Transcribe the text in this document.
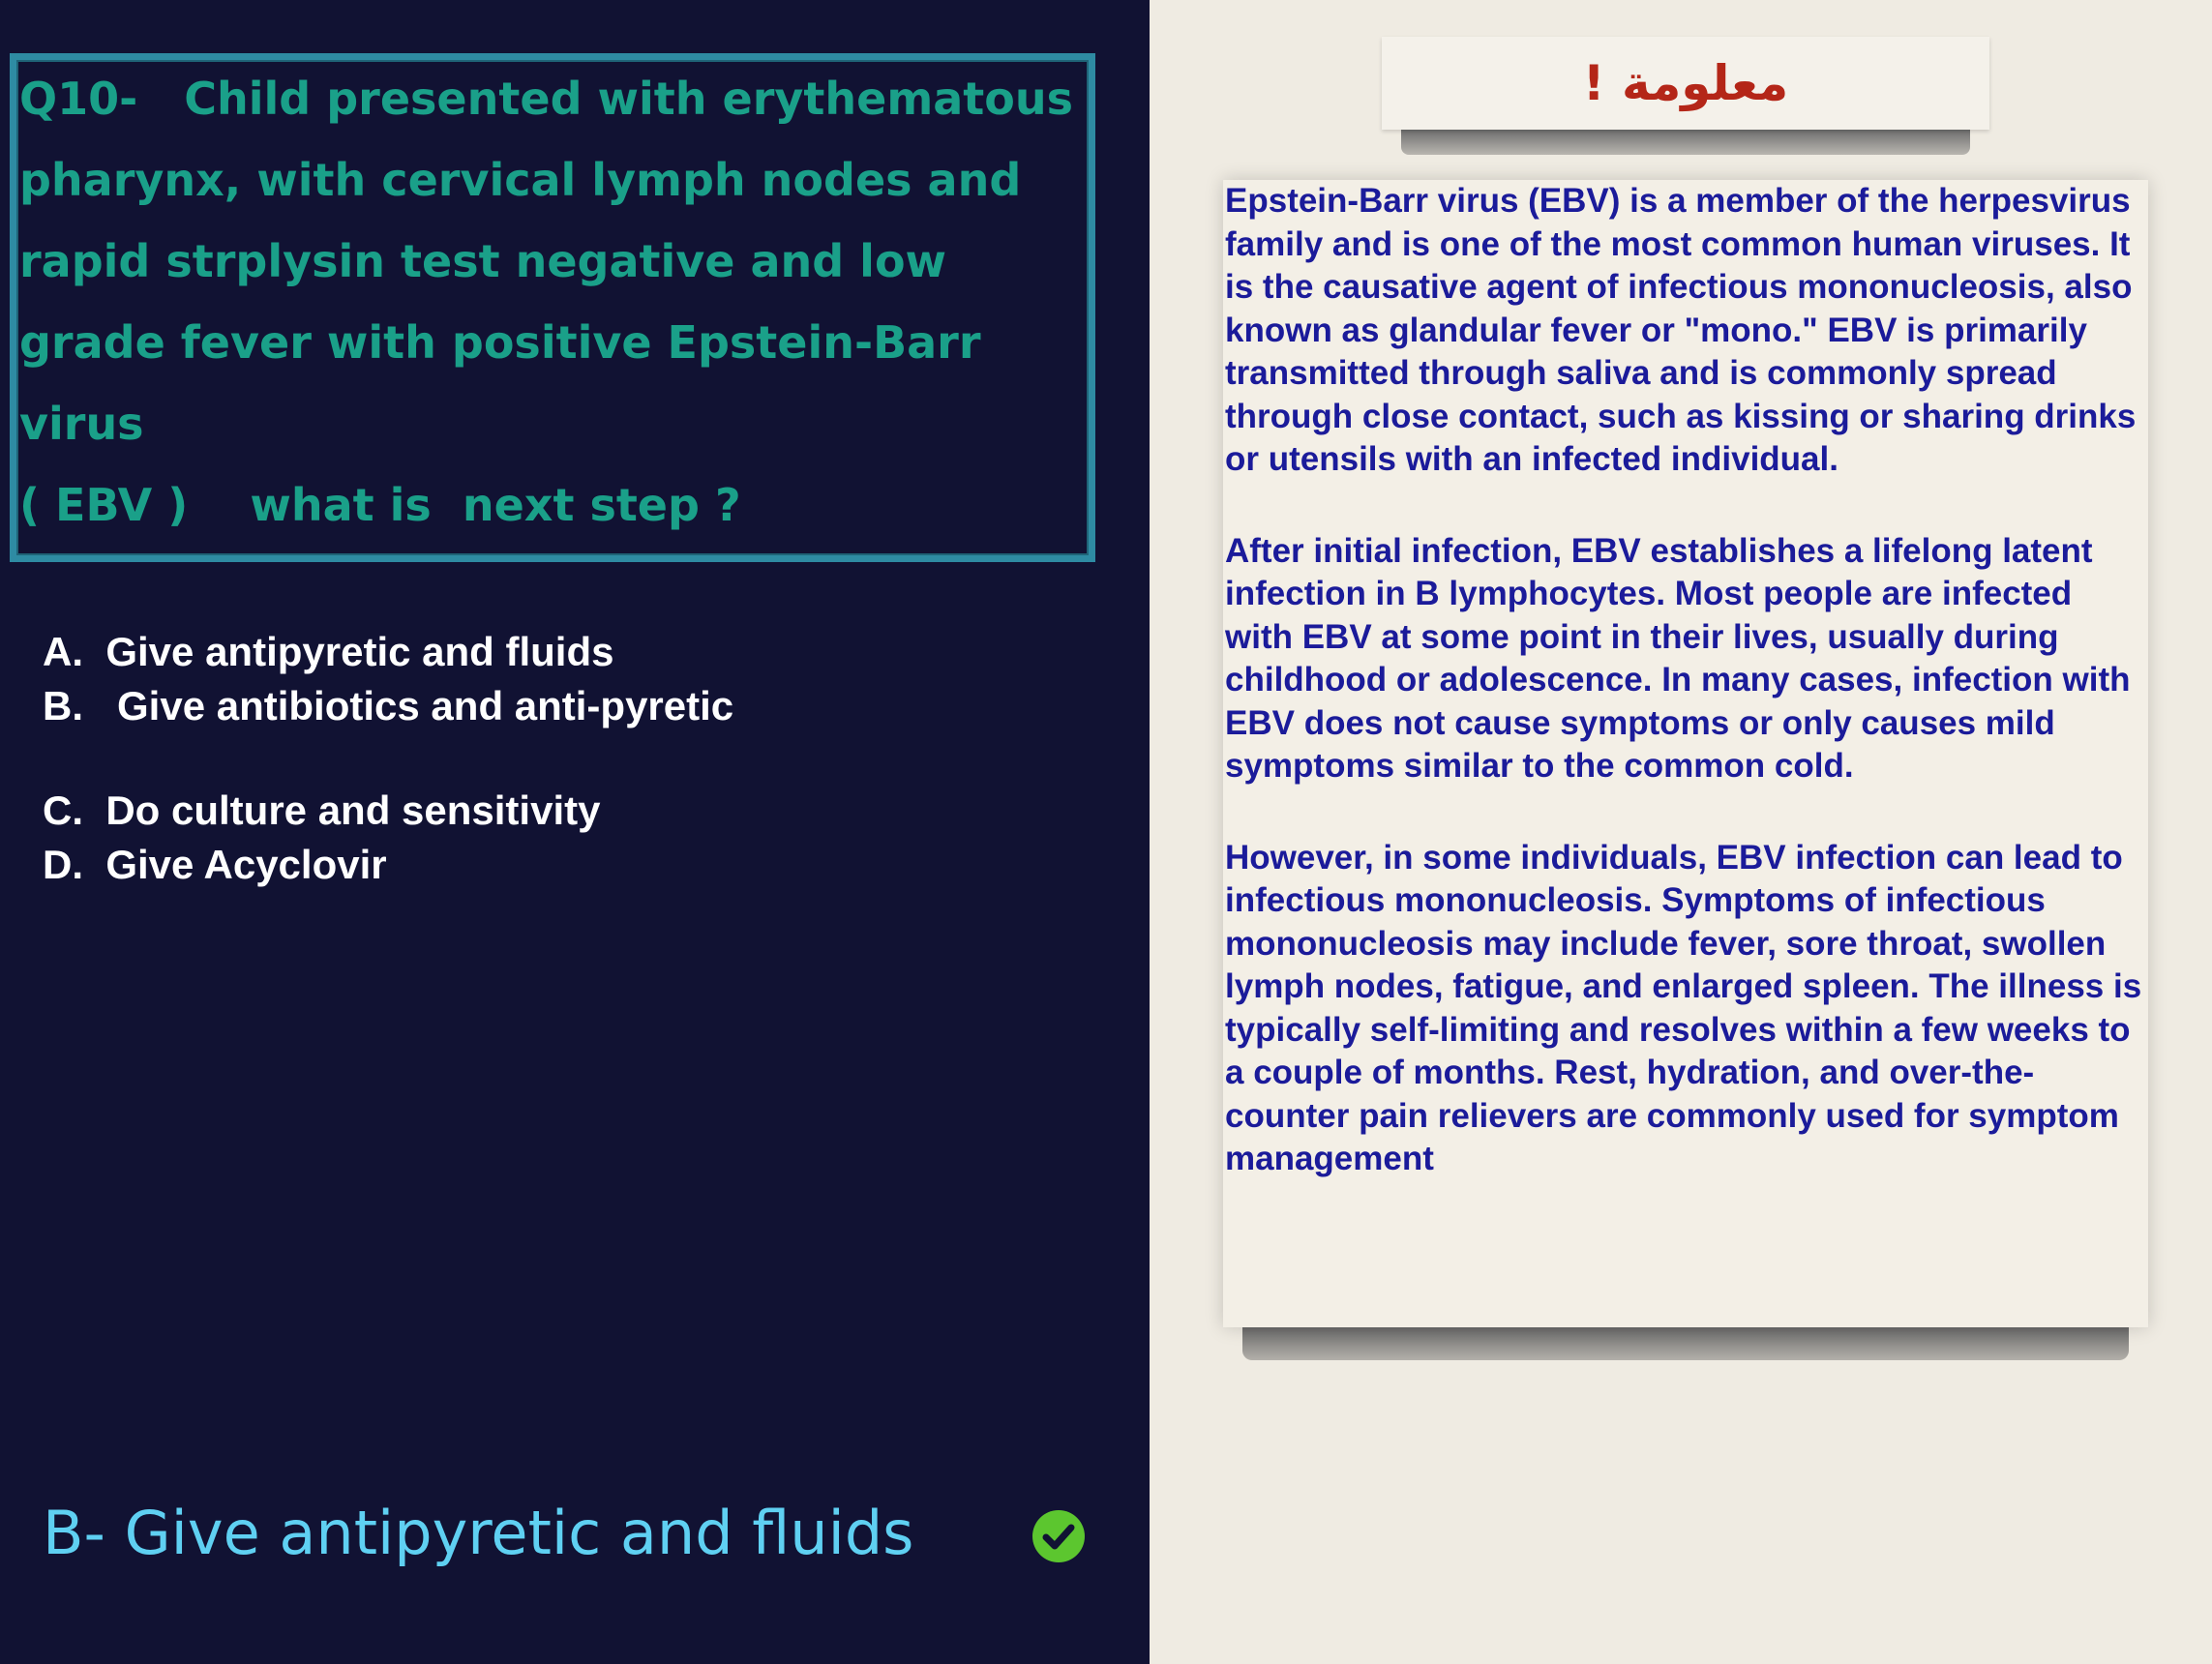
Q10-   Child presented with erythematous pharynx, with cervical lymph nodes and rapid strplysin test negative and low grade fever with positive Epstein-Barr virus
( EBV )    what is  next step ?

A. Give antipyretic and fluids
B.   Give antibiotics and anti-pyretic
C. Do culture and sensitivity
D. Give Acyclovir
B- Give antipyretic and fluids
معلومة !

Epstein-Barr virus (EBV) is a member of the herpesvirus family and is one of the most common human viruses. It is the causative agent of infectious mononucleosis, also known as glandular fever or "mono." EBV is primarily transmitted through saliva and is commonly spread through close contact, such as kissing or sharing drinks or utensils with an infected individual.

After initial infection, EBV establishes a lifelong latent infection in B lymphocytes. Most people are infected with EBV at some point in their lives, usually during childhood or adolescence. In many cases, infection with EBV does not cause symptoms or only causes mild symptoms similar to the common cold.

However, in some individuals, EBV infection can lead to infectious mononucleosis. Symptoms of infectious mononucleosis may include fever, sore throat, swollen lymph nodes, fatigue, and enlarged spleen. The illness is typically self-limiting and resolves within a few weeks to a couple of months. Rest, hydration, and over-the-counter pain relievers are commonly used for symptom management
